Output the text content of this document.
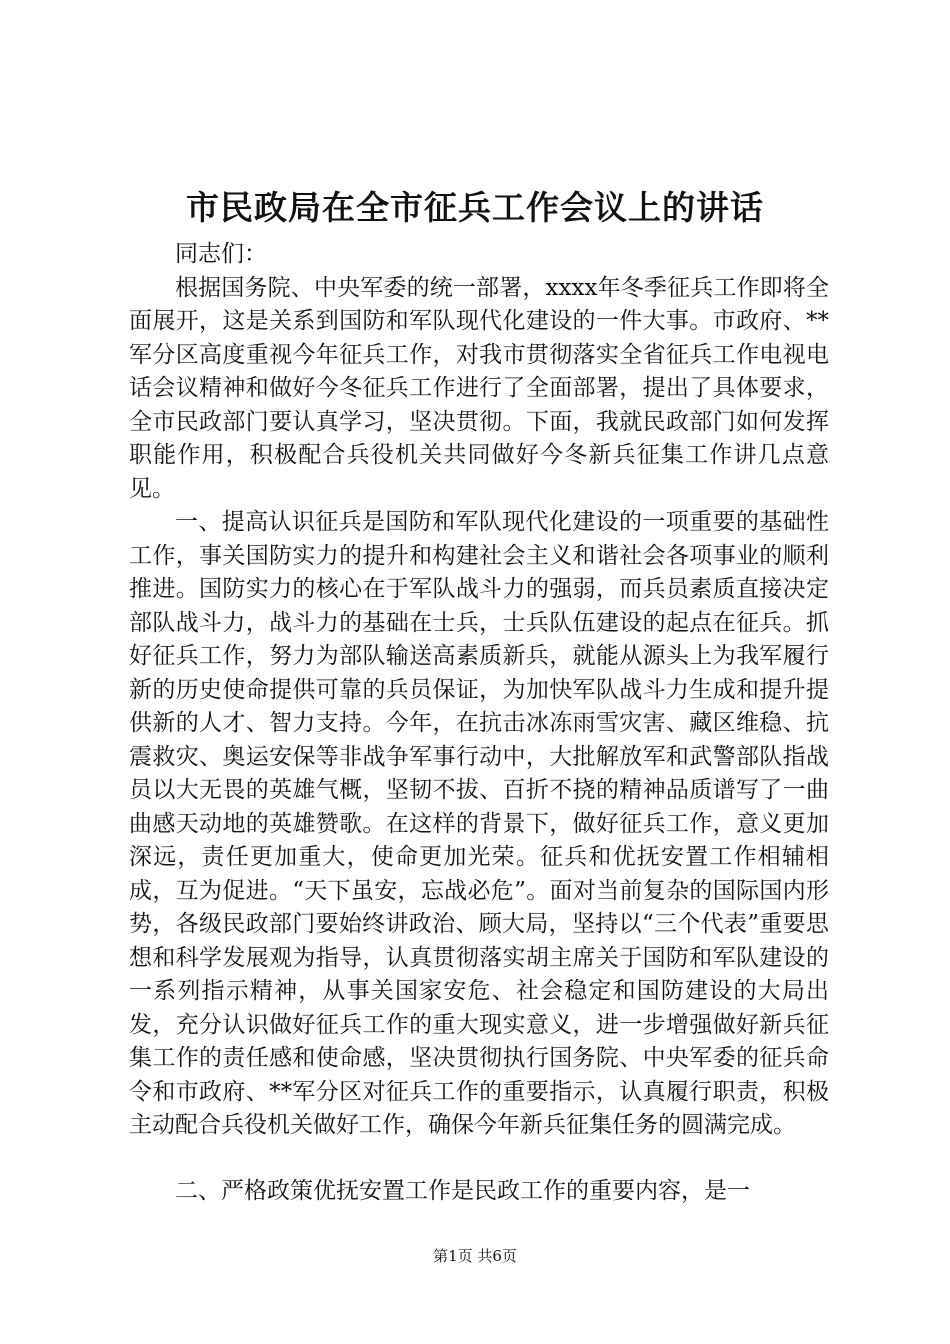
市民政局在全市征兵工作会议上的讲话

同志们：

根据国务院、中央军委的统一部署，xxxx年冬季征兵工作即将全面展开，这是关系到国防和军队现代化建设的一件大事。市政府、**军分区高度重视今年征兵工作，对我市贯彻落实全省征兵工作电视电话会议精神和做好今冬征兵工作进行了全面部署，提出了具体要求，全市民政部门要认真学习，坚决贯彻。下面，我就民政部门如何发挥职能作用，积极配合兵役机关共同做好今冬新兵征集工作讲几点意见。

一、提高认识征兵是国防和军队现代化建设的一项重要的基础性工作，事关国防实力的提升和构建社会主义和谐社会各项事业的顺利推进。国防实力的核心在于军队战斗力的强弱，而兵员素质直接决定部队战斗力，战斗力的基础在士兵，士兵队伍建设的起点在征兵。抓好征兵工作，努力为部队输送高素质新兵，就能从源头上为我军履行新的历史使命提供可靠的兵员保证，为加快军队战斗力生成和提升提供新的人才、智力支持。今年，在抗击冰冻雨雪灾害、藏区维稳、抗震救灾、奥运安保等非战争军事行动中，大批解放军和武警部队指战员以大无畏的英雄气概，坚韧不拔、百折不挠的精神品质谱写了一曲曲感天动地的英雄赞歌。在这样的背景下，做好征兵工作，意义更加深远，责任更加重大，使命更加光荣。征兵和优抚安置工作相辅相成，互为促进。“天下虽安，忘战必危”。面对当前复杂的国际国内形势，各级民政部门要始终讲政治、顾大局，坚持以“三个代表”重要思想和科学发展观为指导，认真贯彻落实胡主席关于国防和军队建设的一系列指示精神，从事关国家安危、社会稳定和国防建设的大局出发，充分认识做好征兵工作的重大现实意义，进一步增强做好新兵征集工作的责任感和使命感，坚决贯彻执行国务院、中央军委的征兵命令和市政府、**军分区对征兵工作的重要指示，认真履行职责，积极主动配合兵役机关做好工作，确保今年新兵征集任务的圆满完成。

二、严格政策优抚安置工作是民政工作的重要内容，是一

第1页 共6页
